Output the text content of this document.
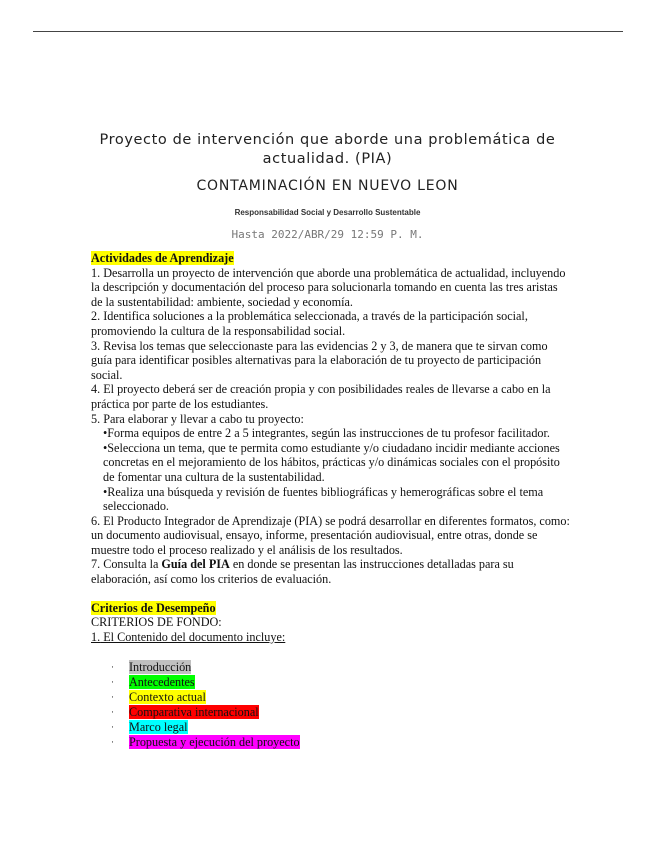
Proyecto de intervención que aborde una problemática de actualidad. (PIA)
CONTAMINACIÓN EN NUEVO LEON
Responsabilidad Social y Desarrollo Sustentable
Hasta 2022/ABR/29 12:59 P. M.

Actividades de Aprendizaje

1. Desarrolla un proyecto de intervención que aborde una problemática de actualidad, incluyendo la descripción y documentación del proceso para solucionarla tomando en cuenta las tres aristas de la sustentabilidad: ambiente, sociedad y economía.

2. Identifica soluciones a la problemática seleccionada, a través de la participación social, promoviendo la cultura de la responsabilidad social.

3. Revisa los temas que seleccionaste para las evidencias 2 y 3, de manera que te sirvan como guía para identificar posibles alternativas para la elaboración de tu proyecto de participación social.

4. El proyecto deberá ser de creación propia y con posibilidades reales de llevarse a cabo en la práctica por parte de los estudiantes.

5. Para elaborar y llevar a cabo tu proyecto:

•Forma equipos de entre 2 a 5 integrantes, según las instrucciones de tu profesor facilitador.

•Selecciona un tema, que te permita como estudiante y/o ciudadano incidir mediante acciones concretas en el mejoramiento de los hábitos, prácticas y/o dinámicas sociales con el propósito de fomentar una cultura de la sustentabilidad.

•Realiza una búsqueda y revisión de fuentes bibliográficas y hemerográficas sobre el tema seleccionado.

6. El Producto Integrador de Aprendizaje (PIA) se podrá desarrollar en diferentes formatos, como: un documento audiovisual, ensayo, informe, presentación audiovisual, entre otras, donde se muestre todo el proceso realizado y el análisis de los resultados.

7. Consulta la Guía del PIA en donde se presentan las instrucciones detalladas para su elaboración, así como los criterios de evaluación.

Criterios de Desempeño

CRITERIOS DE FONDO:

1. El Contenido del documento incluye:

·	Introducción
·	Antecedentes
·	Contexto actual
·	Comparativa internacional
·	Marco legal
·	Propuesta y ejecución del proyecto
